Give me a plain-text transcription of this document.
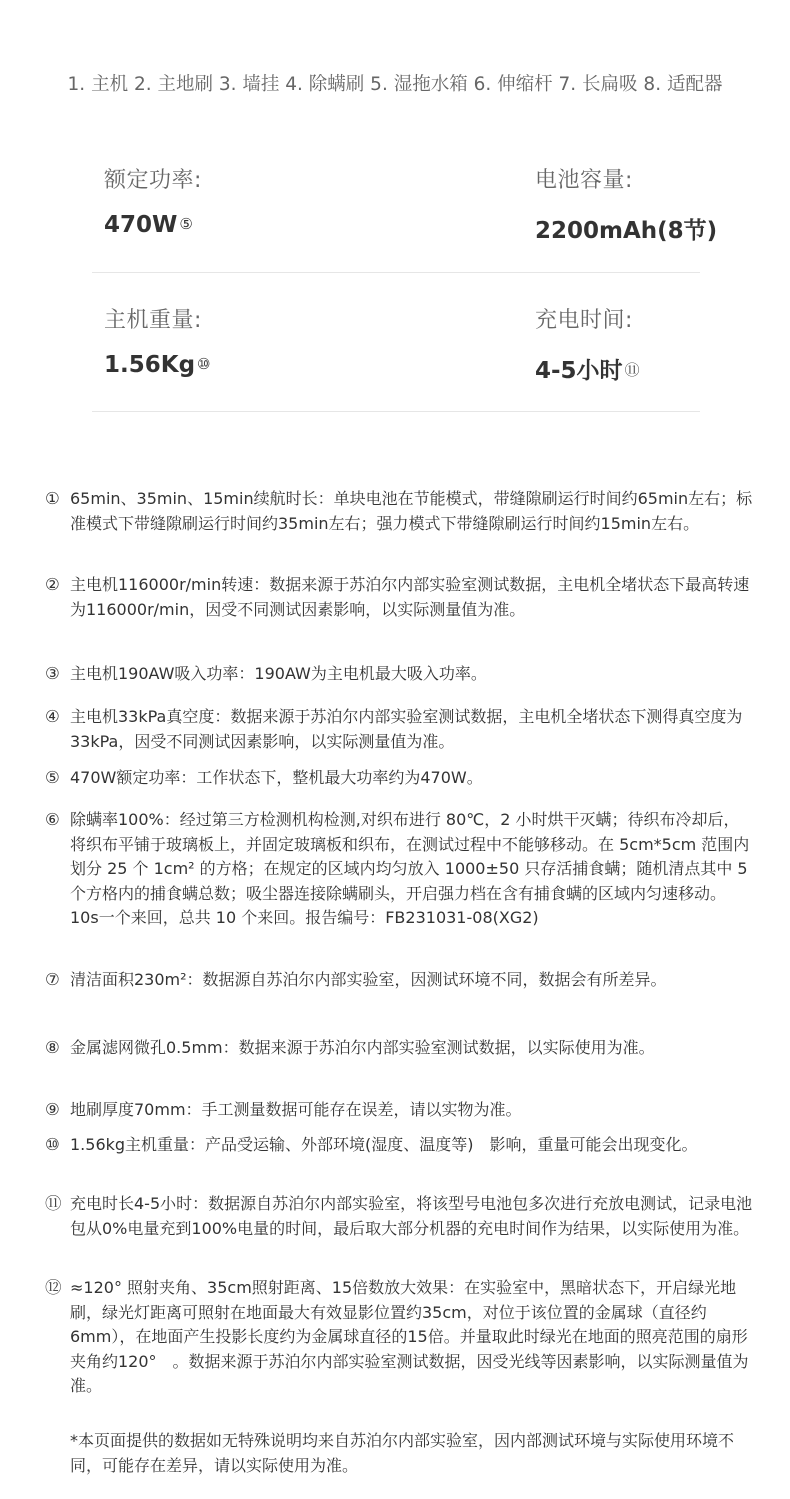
1. 主机 2. 主地刷 3. 墙挂 4. 除螨刷 5. 湿拖水箱 6. 伸缩杆 7. 长扁吸 8. 适配器
额定功率:
470W ⑤
电池容量:
2200mAh(8节)
主机重量:
1.56Kg ⑩
充电时间:
4-5小时 ⑪
① 65min、35min、15min续航时长：单块电池在节能模式，带缝隙刷运行时间约65min左右；标准模式下带缝隙刷运行时间约35min左右；强力模式下带缝隙刷运行时间约15min左右。
② 主电机116000r/min转速：数据来源于苏泊尔内部实验室测试数据，主电机全堵状态下最高转速为116000r/min，因受不同测试因素影响，以实际测量值为准。
③ 主电机190AW吸入功率：190AW为主电机最大吸入功率。
④ 主电机33kPa真空度：数据来源于苏泊尔内部实验室测试数据，主电机全堵状态下测得真空度为33kPa，因受不同测试因素影响，以实际测量值为准。
⑤ 470W额定功率：工作状态下，整机最大功率约为470W。
⑥ 除螨率100%：经过第三方检测机构检测,对织布进行 80℃，2 小时烘干灭螨；待织布冷却后，将织布平铺于玻璃板上，并固定玻璃板和织布，在测试过程中不能够移动。在 5cm*5cm 范围内划分 25 个 1cm² 的方格；在规定的区域内均匀放入 1000±50 只存活捕食螨；随机清点其中 5 个方格内的捕食螨总数；吸尘器连接除螨刷头，开启强力档在含有捕食螨的区域内匀速移动。10s一个来回，总共 10 个来回。报告编号：FB231031-08(XG2)
⑦ 清洁面积230m²：数据源自苏泊尔内部实验室，因测试环境不同，数据会有所差异。
⑧ 金属滤网微孔0.5mm：数据来源于苏泊尔内部实验室测试数据，以实际使用为准。
⑨ 地刷厚度70mm：手工测量数据可能存在误差，请以实物为准。
⑩ 1.56kg主机重量：产品受运输、外部环境(湿度、温度等)　影响，重量可能会出现变化。
⑪ 充电时长4-5小时：数据源自苏泊尔内部实验室，将该型号电池包多次进行充放电测试，记录电池包从0%电量充到100%电量的时间，最后取大部分机器的充电时间作为结果，以实际使用为准。
⑫ ≈120° 照射夹角、35cm照射距离、15倍数放大效果：在实验室中，黑暗状态下，开启绿光地刷，绿光灯距离可照射在地面最大有效显影位置约35cm，对位于该位置的金属球（直径约6mm），在地面产生投影长度约为金属球直径的15倍。并量取此时绿光在地面的照亮范围的扇形夹角约120°　。数据来源于苏泊尔内部实验室测试数据，因受光线等因素影响，以实际测量值为准。
*本页面提供的数据如无特殊说明均来自苏泊尔内部实验室，因内部测试环境与实际使用环境不同，可能存在差异，请以实际使用为准。
